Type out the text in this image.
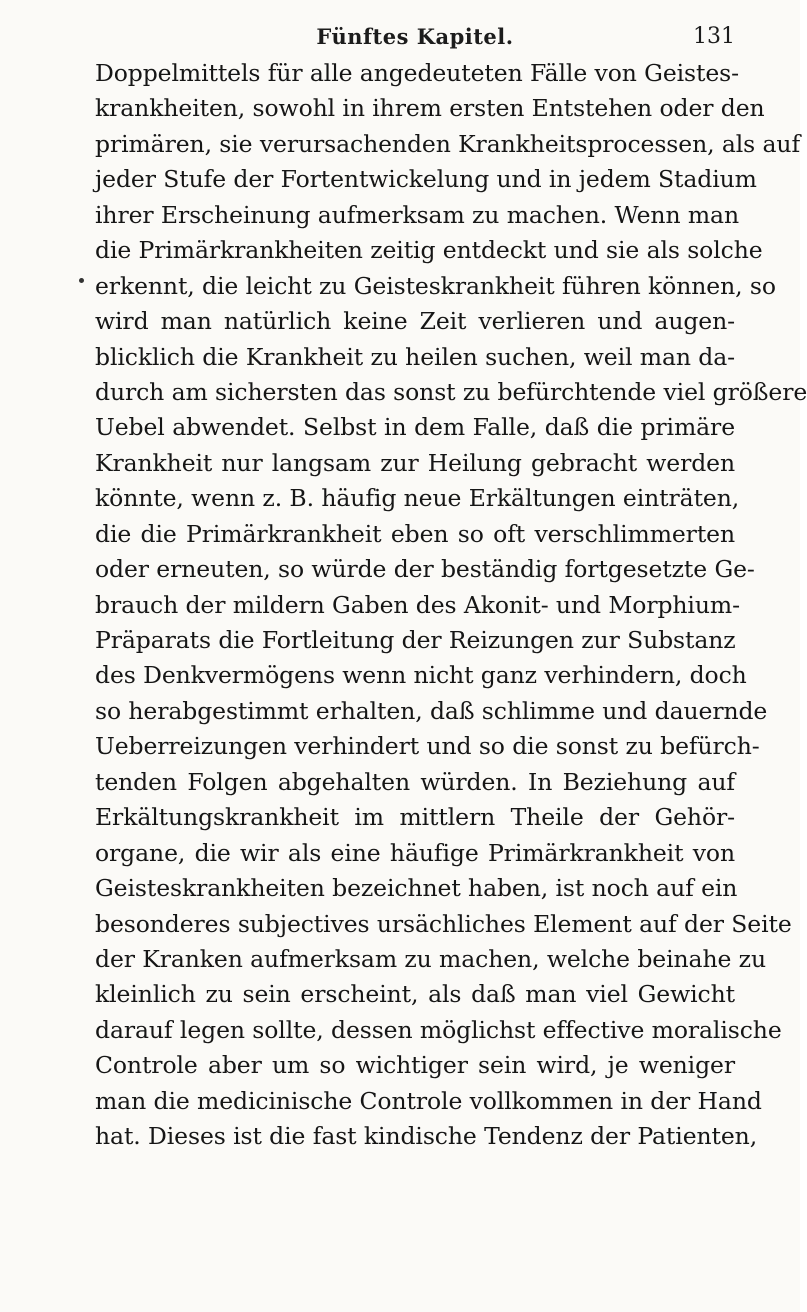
Fünftes Kapitel.	131
Doppelmittels für alle angedeuteten Fälle von Geistes-
krankheiten, sowohl in ihrem ersten Entstehen oder den
primären, sie verursachenden Krankheitsprocessen, als auf
jeder Stufe der Fortentwickelung und in jedem Stadium
ihrer Erscheinung aufmerksam zu machen. Wenn man
die Primärkrankheiten zeitig entdeckt und sie als solche
erkennt, die leicht zu Geisteskrankheit führen können, so
wird man natürlich keine Zeit verlieren und augen-
blicklich die Krankheit zu heilen suchen, weil man da-
durch am sichersten das sonst zu befürchtende viel größere
Uebel abwendet. Selbst in dem Falle, daß die primäre
Krankheit nur langsam zur Heilung gebracht werden
könnte, wenn z. B. häufig neue Erkältungen einträten,
die die Primärkrankheit eben so oft verschlimmerten
oder erneuten, so würde der beständig fortgesetzte Ge-
brauch der mildern Gaben des Akonit- und Morphium-
Präparats die Fortleitung der Reizungen zur Substanz
des Denkvermögens wenn nicht ganz verhindern, doch
so herabgestimmt erhalten, daß schlimme und dauernde
Ueberreizungen verhindert und so die sonst zu befürch-
tenden Folgen abgehalten würden. In Beziehung auf
Erkältungskrankheit im mittlern Theile der Gehör-
organe, die wir als eine häufige Primärkrankheit von
Geisteskrankheiten bezeichnet haben, ist noch auf ein
besonderes subjectives ursächliches Element auf der Seite
der Kranken aufmerksam zu machen, welche beinahe zu
kleinlich zu sein erscheint, als daß man viel Gewicht
darauf legen sollte, dessen möglichst effective moralische
Controle aber um so wichtiger sein wird, je weniger
man die medicinische Controle vollkommen in der Hand
hat. Dieses ist die fast kindische Tendenz der Patienten,
